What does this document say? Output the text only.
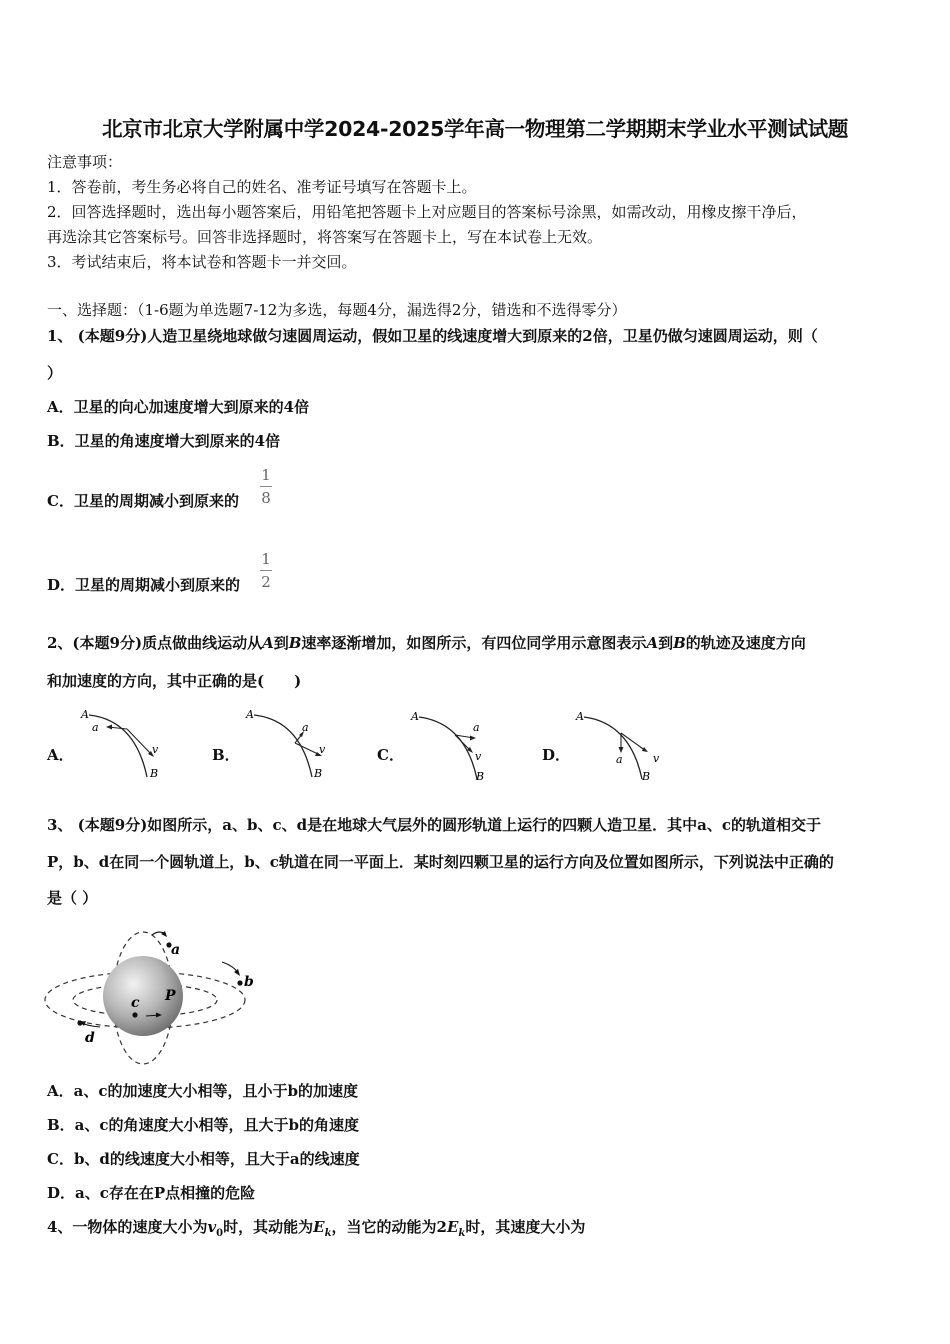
北京市北京大学附属中学2024-2025学年高一物理第二学期期末学业水平测试试题
注意事项：
1．答卷前，考生务必将自己的姓名、准考证号填写在答题卡上。
2．回答选择题时，选出每小题答案后，用铅笔把答题卡上对应题目的答案标号涂黑，如需改动，用橡皮擦干净后，
再选涂其它答案标号。回答非选择题时，将答案写在答题卡上，写在本试卷上无效。
3．考试结束后，将本试卷和答题卡一并交回。
一、选择题：（1-6题为单选题7-12为多选，每题4分，漏选得2分，错选和不选得零分）
1、 (本题9分)人造卫星绕地球做匀速圆周运动，假如卫星的线速度增大到原来的2倍，卫星仍做匀速圆周运动，则（
）
A．卫星的向心加速度增大到原来的4倍
B．卫星的角速度增大到原来的4倍
C．卫星的周期减小到原来的
1
8
D．卫星的周期减小到原来的
1
2
2、(本题9分)质点做曲线运动从A到B速率逐渐增加，如图所示，有四位同学用示意图表示A到B的轨迹及速度方向
和加速度的方向，其中正确的是(　　)
A．	B．	C．	D．
A
a
v
B
A
a
v
B
A
a
v
B
A
a	v
B
3、 (本题9分)如图所示，a、b、c、d是在地球大气层外的圆形轨道上运行的四颗人造卫星．其中a、c的轨道相交于
P，b、d在同一个圆轨道上，b、c轨道在同一平面上．某时刻四颗卫星的运行方向及位置如图所示，下列说法中正确的
是（ ）
a
b
c
d
P
A．a、c的加速度大小相等，且小于b的加速度
B．a、c的角速度大小相等，且大于b的角速度
C．b、d的线速度大小相等，且大于a的线速度
D．a、c存在在P点相撞的危险
4、一物体的速度大小为$v_0$时，其动能为$E_k$，当它的动能为$2E_k$时，其速度大小为
